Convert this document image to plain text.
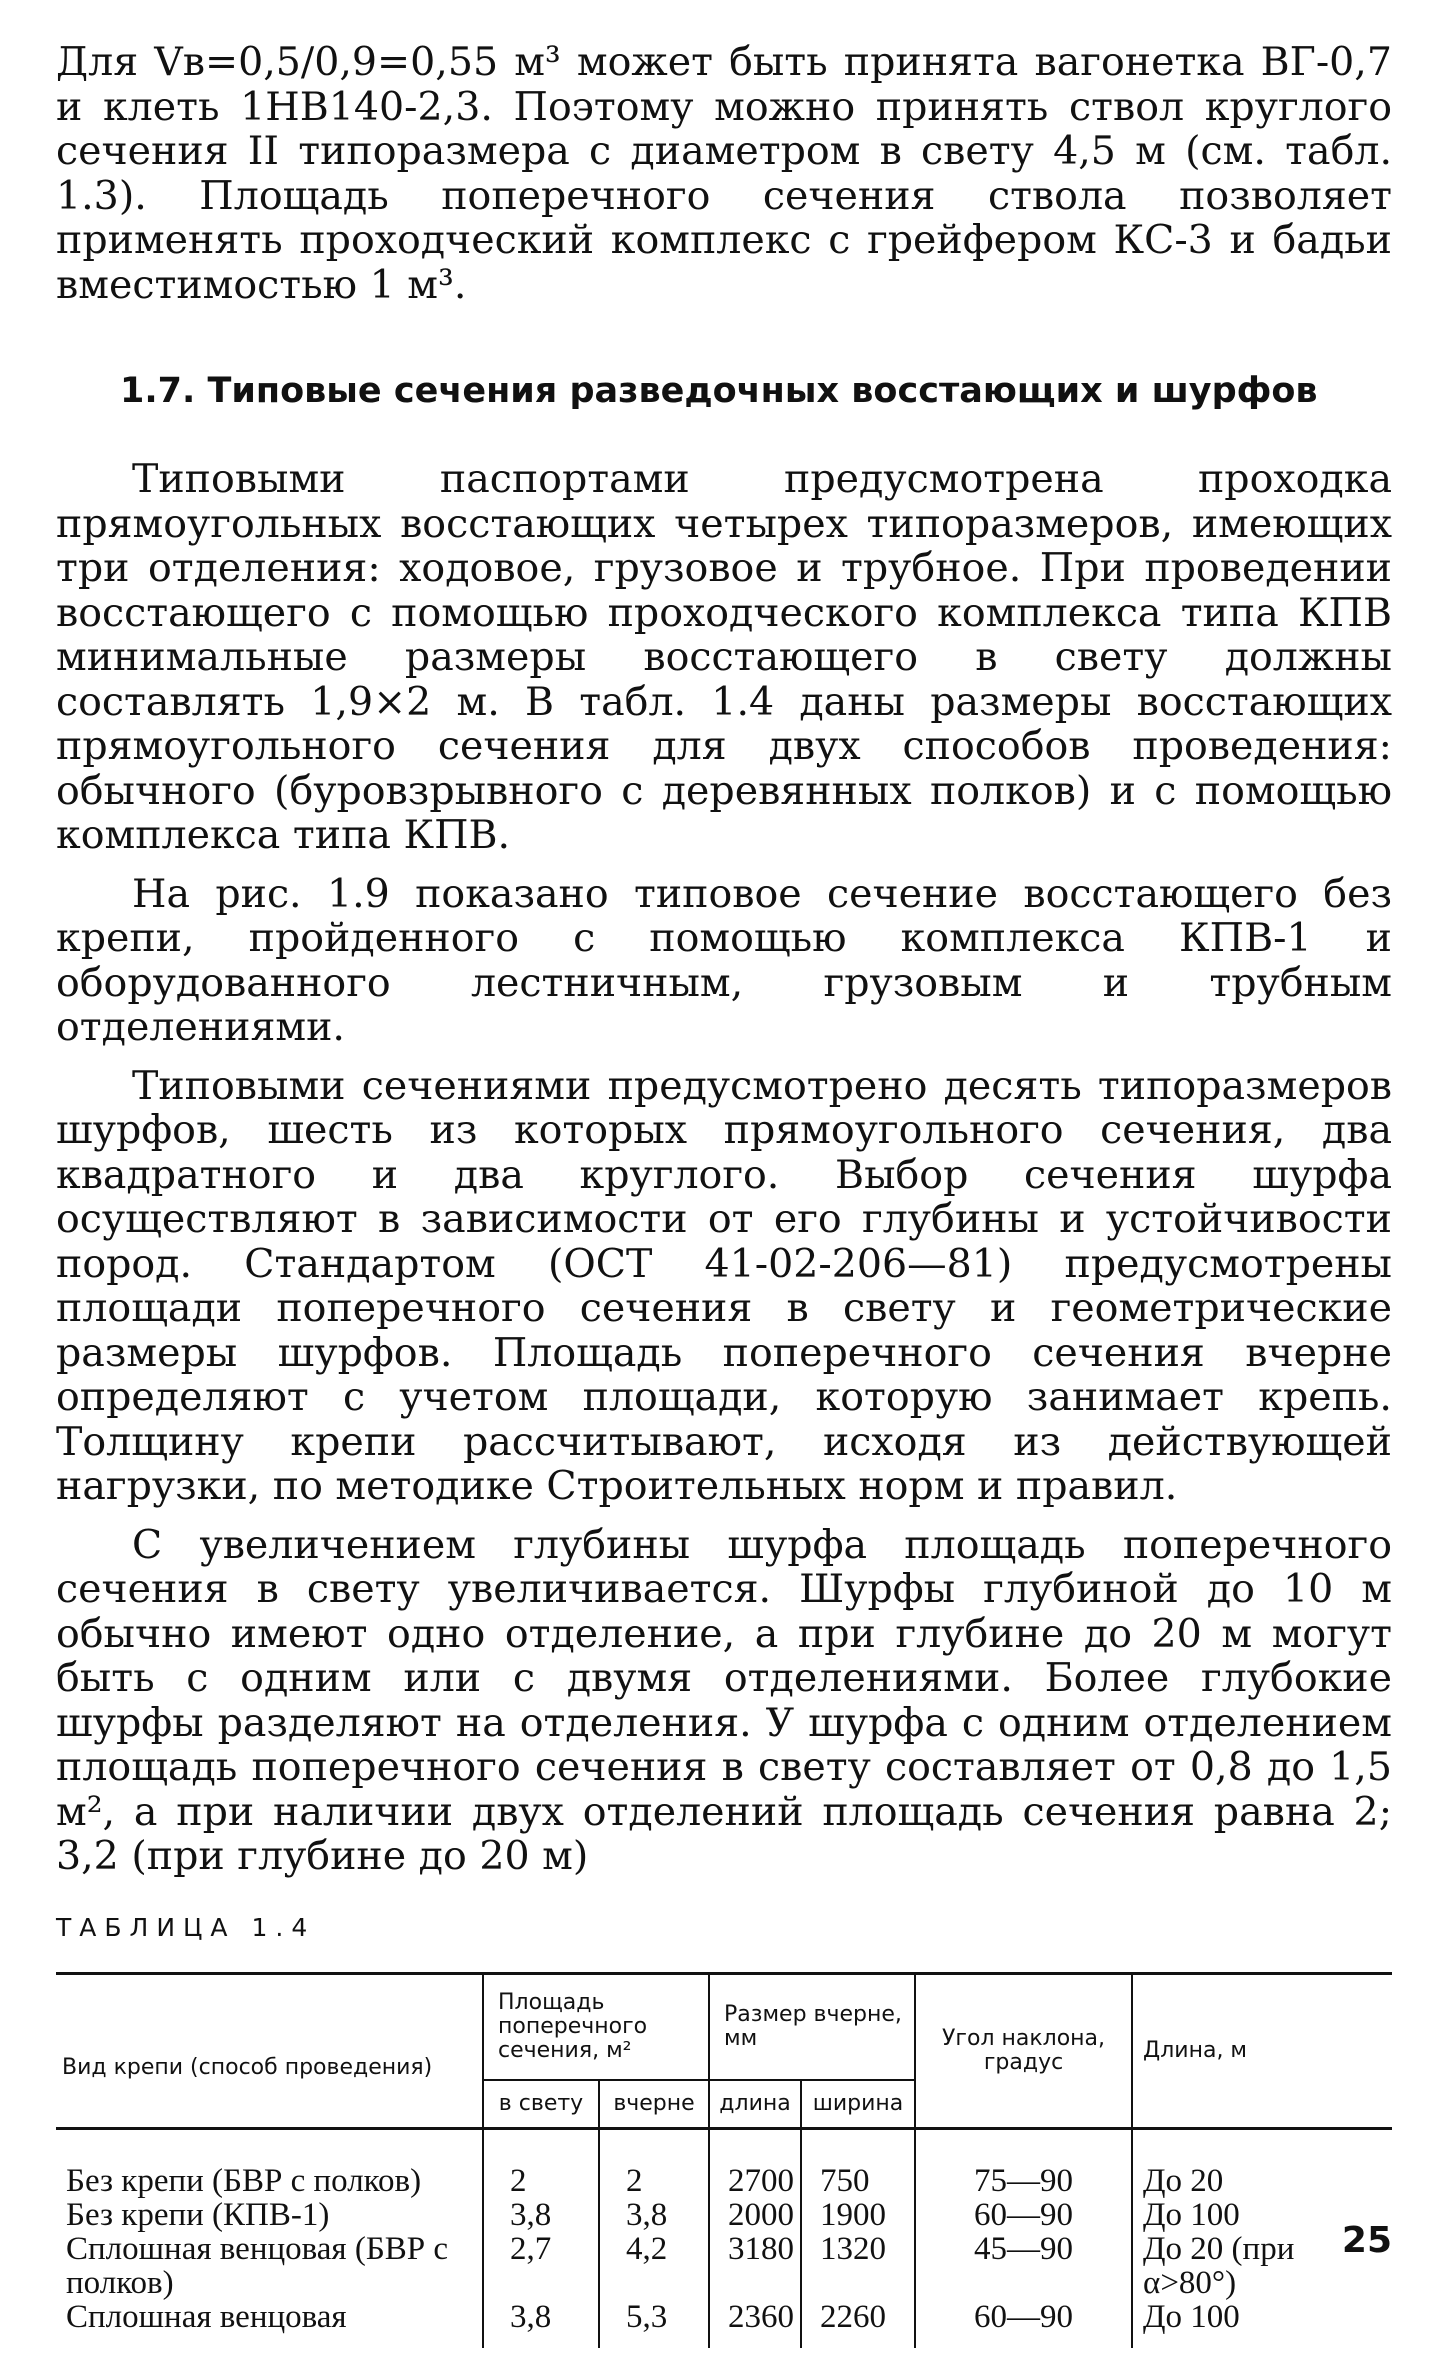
Для Vв=0,5/0,9=0,55 м³ может быть принята вагонетка ВГ-0,7 и клеть 1НВ140-2,3. Поэтому можно принять ствол круглого сечения II типоразмера с диаметром в свету 4,5 м (см. табл. 1.3). Площадь поперечного сечения ствола позволяет применять проходческий комплекс с грейфером КС-3 и бадьи вместимостью 1 м³.

1.7. Типовые сечения разведочных восстающих и шурфов

Типовыми паспортами предусмотрена проходка прямоугольных восстающих четырех типоразмеров, имеющих три отделения: ходовое, грузовое и трубное. При проведении восстающего с помощью проходческого комплекса типа КПВ минимальные размеры восстающего в свету должны составлять 1,9×2 м. В табл. 1.4 даны размеры восстающих прямоугольного сечения для двух способов проведения: обычного (буровзрывного с деревянных полков) и с помощью комплекса типа КПВ.

На рис. 1.9 показано типовое сечение восстающего без крепи, пройденного с помощью комплекса КПВ-1 и оборудованного лестничным, грузовым и трубным отделениями.

Типовыми сечениями предусмотрено десять типоразмеров шурфов, шесть из которых прямоугольного сечения, два квадратного и два круглого. Выбор сечения шурфа осуществляют в зависимости от его глубины и устойчивости пород. Стандартом (ОСТ 41-02-206—81) предусмотрены площади поперечного сечения в свету и геометрические размеры шурфов. Площадь поперечного сечения вчерне определяют с учетом площади, которую занимает крепь. Толщину крепи рассчитывают, исходя из действующей нагрузки, по методике Строительных норм и правил.

С увеличением глубины шурфа площадь поперечного сечения в свету увеличивается. Шурфы глубиной до 10 м обычно имеют одно отделение, а при глубине до 20 м могут быть с одним или с двумя отделениями. Более глубокие шурфы разделяют на отделения. У шурфа с одним отделением площадь поперечного сечения в свету составляет от 0,8 до 1,5 м², а при наличии двух отделений площадь сечения равна 2; 3,2 (при глубине до 20 м)

ТАБЛИЦА 1.4
Вид крепи (способ проведения)	Площадь поперечного сечения, м²		Размер вчерне, мм		Угол наклона, градус	Длина, м
	в свету	вчерне	длина	ширина		
Без крепи (БВР с полков)	2	2	2700	750	75—90	До 20
Без крепи (КПВ-1)	3,8	3,8	2000	1900	60—90	До 100
Сплошная венцовая (БВР с полков)	2,7	4,2	3180	1320	45—90	До 20 (при α>80°)
Сплошная венцовая	3,8	5,3	2360	2260	60—90	До 100
25
